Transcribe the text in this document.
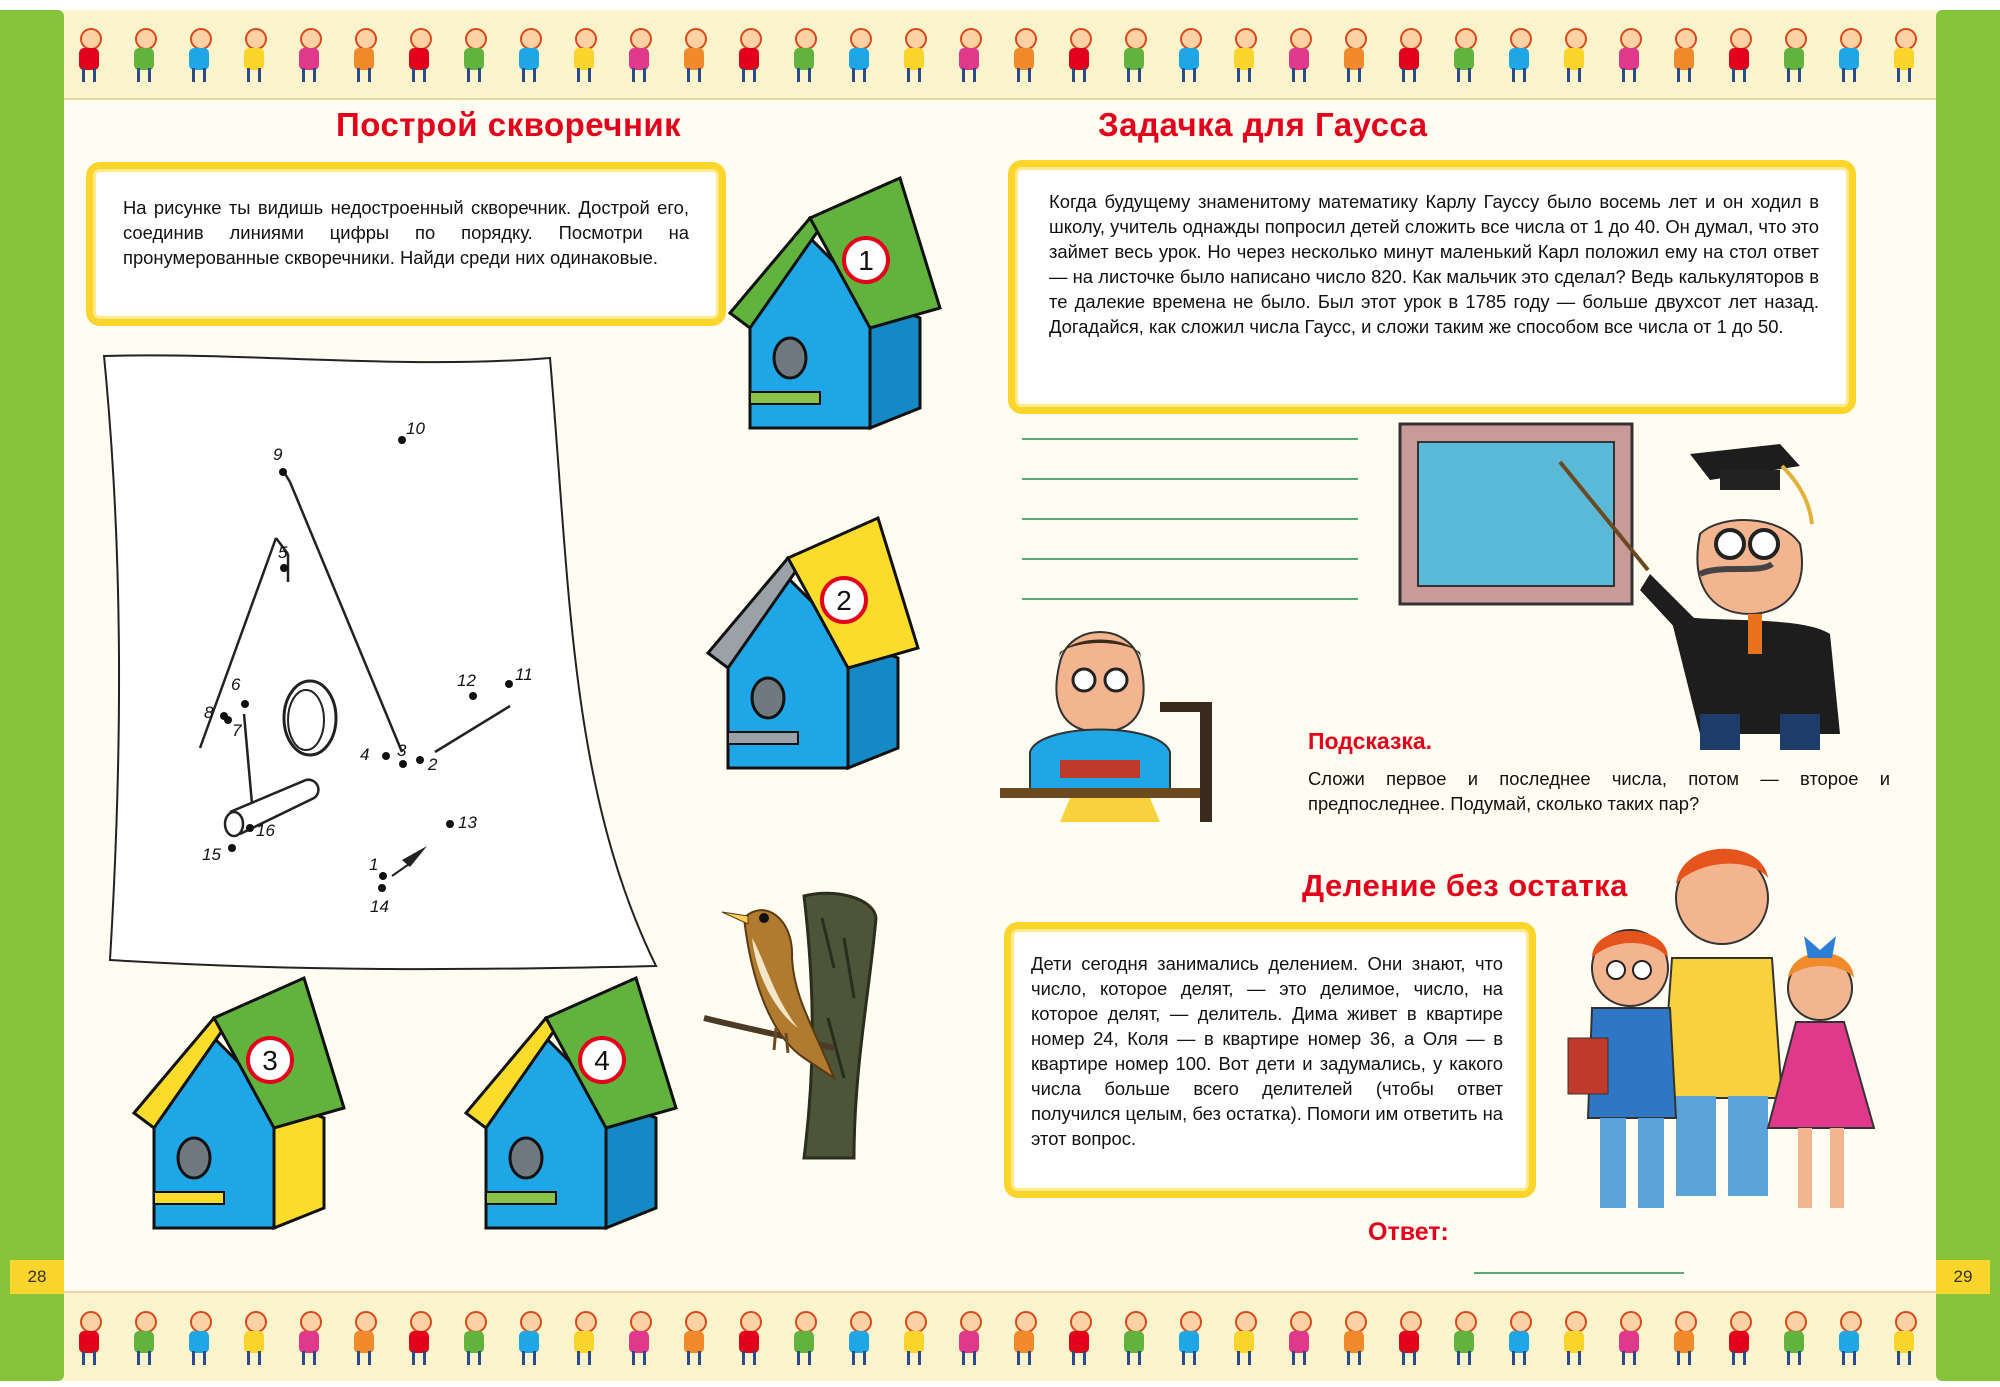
Построй скворечник

На рисунке ты видишь недостроенный скворечник. Дострой его, соединив линиями цифры по порядку. Посмотри на пронумерованные скворечники. Найди среди них одинаковые.

1
2
3
4
5
6
7
8
9
10
11
12
13
14
15
16
1
2
3	4
28
Задачка для Гаусса

Когда будущему знаменитому математику Карлу Гауссу было восемь лет и он ходил в школу, учитель однажды попросил детей сложить все числа от 1 до 40. Он думал, что это займет весь урок. Но через несколько минут маленький Карл положил ему на стол ответ — на листочке было написано число 820. Как мальчик это сделал? Ведь калькуляторов в те далекие времена не было. Был этот урок в 1785 году — больше двухсот лет назад. Догадайся, как сложил числа Гаусс, и сложи таким же способом все числа от 1 до 50.

Подсказка.

Сложи первое и последнее числа, потом — второе и предпоследнее. Подумай, сколько таких пар?

Деление без остатка

Дети сегодня занимались делением. Они знают, что число, которое делят, — это делимое, число, на которое делят, — делитель. Дима живет в квартире номер 24, Коля — в квартире номер 36, а Оля — в квартире номер 100. Вот дети и задумались, у какого числа больше всего делителей (чтобы ответ получился целым, без остатка). Помоги им ответить на этот вопрос.

Ответ:
29
